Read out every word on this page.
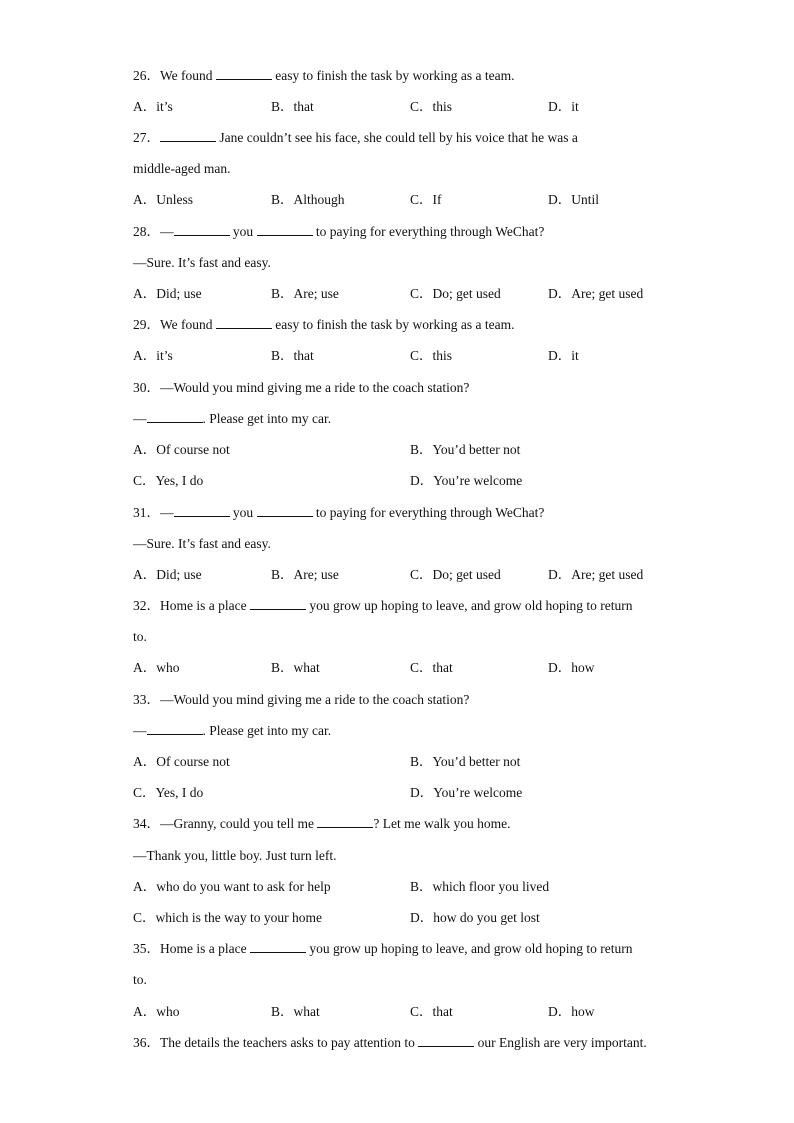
26．We found	easy to finish the task by working as a team.
A．it’s	B．that	C．this	D．it
27．	Jane couldn’t see his face, she could tell by his voice that he was a
middle-aged man.
A．Unless	B．Although	C．If	D．Until
28．—	you	to paying for everything through WeChat?
—Sure. It’s fast and easy.
A．Did; use	B．Are; use	C．Do; get used	D．Are; get used
29．We found	easy to finish the task by working as a team.
A．it’s	B．that	C．this	D．it
30．—Would you mind giving me a ride to the coach station?
—	. Please get into my car.
A．Of course not	B．You’d better not
C．Yes, I do	D．You’re welcome
31．—	you	to paying for everything through WeChat?
—Sure. It’s fast and easy.
A．Did; use	B．Are; use	C．Do; get used	D．Are; get used
32．Home is a place	you grow up hoping to leave, and grow old hoping to return
to.
A．who	B．what	C．that	D．how
33．—Would you mind giving me a ride to the coach station?
—	. Please get into my car.
A．Of course not	B．You’d better not
C．Yes, I do	D．You’re welcome
34．—Granny, could you tell me	? Let me walk you home.
—Thank you, little boy. Just turn left.
A．who do you want to ask for help	B．which floor you lived
C．which is the way to your home	D．how do you get lost
35．Home is a place	you grow up hoping to leave, and grow old hoping to return
to.
A．who	B．what	C．that	D．how
36．The details the teachers asks to pay attention to	our English are very important.
